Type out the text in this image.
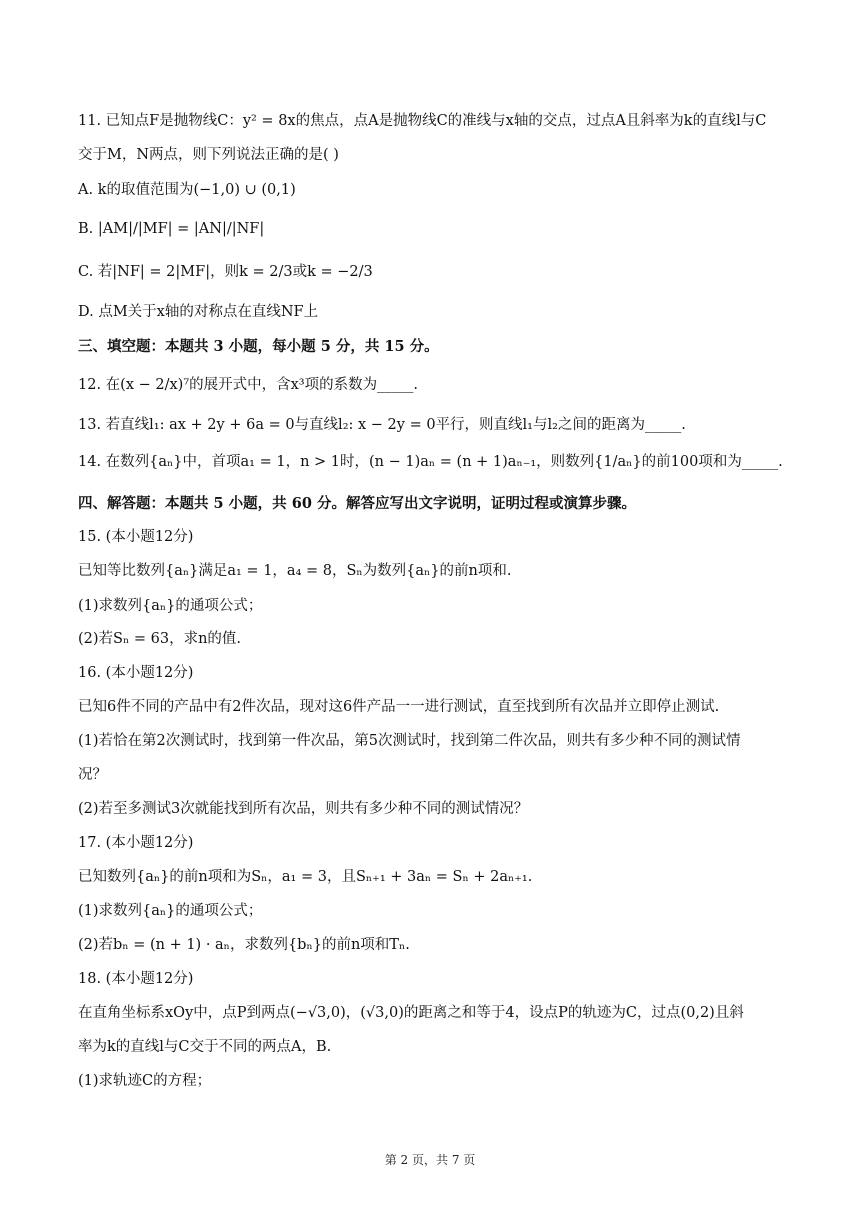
11. 已知点F是抛物线C：y² = 8x的焦点，点A是抛物线C的准线与x轴的交点，过点A且斜率为k的直线l与C
交于M，N两点，则下列说法正确的是( )
A. k的取值范围为(−1,0) ∪ (0,1)
B. |AM|/|MF| = |AN|/|NF|
C. 若|NF| = 2|MF|，则k = 2/3或k = −2/3
D. 点M关于x轴的对称点在直线NF上
三、填空题：本题共 3 小题，每小题 5 分，共 15 分。
12. 在(x − 2/x)⁷的展开式中，含x³项的系数为_____.
13. 若直线l₁: ax + 2y + 6a = 0与直线l₂: x − 2y = 0平行，则直线l₁与l₂之间的距离为_____.
14. 在数列{aₙ}中，首项a₁ = 1，n > 1时，(n − 1)aₙ = (n + 1)aₙ₋₁，则数列{1/aₙ}的前100项和为_____.
四、解答题：本题共 5 小题，共 60 分。解答应写出文字说明，证明过程或演算步骤。
15. (本小题12分)
已知等比数列{aₙ}满足a₁ = 1，a₄ = 8，Sₙ为数列{aₙ}的前n项和.
(1)求数列{aₙ}的通项公式；
(2)若Sₙ = 63，求n的值.
16. (本小题12分)
已知6件不同的产品中有2件次品，现对这6件产品一一进行测试，直至找到所有次品并立即停止测试.
(1)若恰在第2次测试时，找到第一件次品，第5次测试时，找到第二件次品，则共有多少种不同的测试情
况？
(2)若至多测试3次就能找到所有次品，则共有多少种不同的测试情况？
17. (本小题12分)
已知数列{aₙ}的前n项和为Sₙ，a₁ = 3，且Sₙ₊₁ + 3aₙ = Sₙ + 2aₙ₊₁.
(1)求数列{aₙ}的通项公式；
(2)若bₙ = (n + 1) · aₙ，求数列{bₙ}的前n项和Tₙ.
18. (本小题12分)
在直角坐标系xOy中，点P到两点(−√3,0)，(√3,0)的距离之和等于4，设点P的轨迹为C，过点(0,2)且斜
率为k的直线l与C交于不同的两点A，B.
(1)求轨迹C的方程；
第 2 页，共 7 页
